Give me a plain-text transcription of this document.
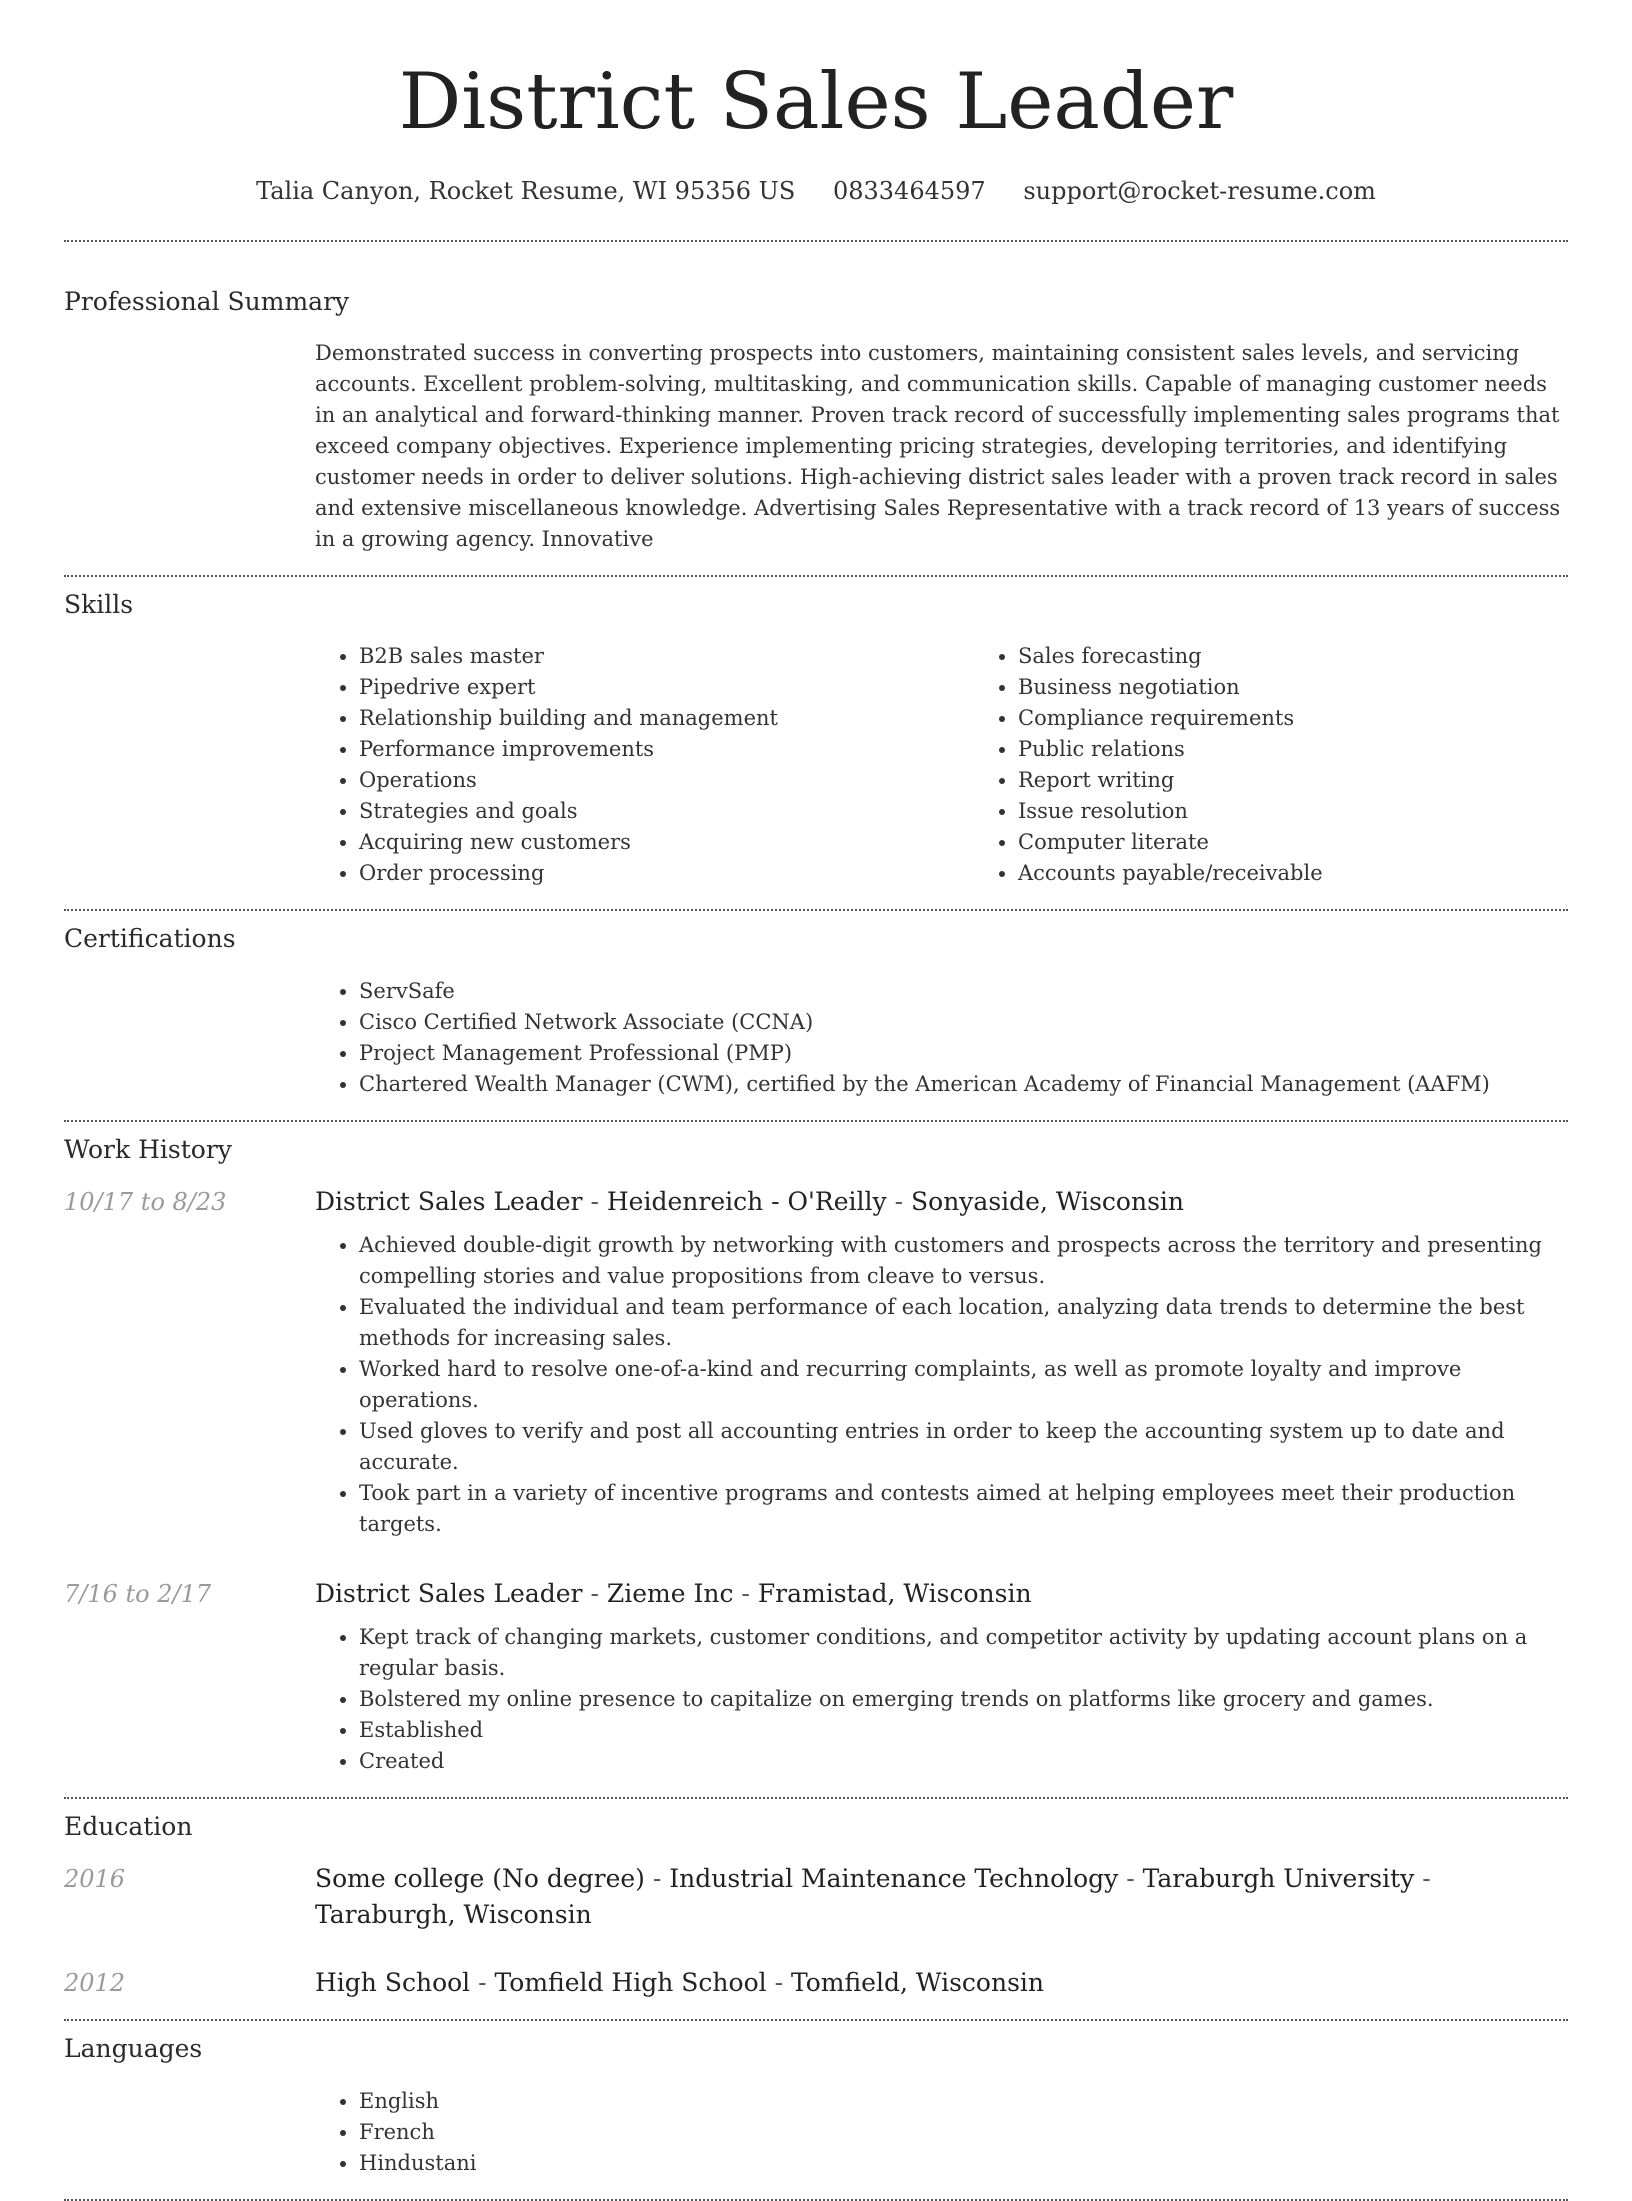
District Sales Leader
Talia Canyon, Rocket Resume, WI 95356 US 0833464597 support@rocket-resume.com
Professional Summary

Demonstrated success in converting prospects into customers, maintaining consistent sales levels, and servicing accounts. Excellent problem-solving, multitasking, and communication skills. Capable of managing customer needs in an analytical and forward-thinking manner. Proven track record of successfully implementing sales programs that exceed company objectives. Experience implementing pricing strategies, developing territories, and identifying customer needs in order to deliver solutions. High-achieving district sales leader with a proven track record in sales and extensive miscellaneous knowledge. Advertising Sales Representative with a track record of 13 years of success in a growing agency. Innovative

Skills
• B2B sales master
• Pipedrive expert
• Relationship building and management
• Performance improvements
• Operations
• Strategies and goals
• Acquiring new customers
• Order processing
• Sales forecasting
• Business negotiation
• Compliance requirements
• Public relations
• Report writing
• Issue resolution
• Computer literate
• Accounts payable/receivable
Certifications
• ServSafe
• Cisco Certified Network Associate (CCNA)
• Project Management Professional (PMP)
• Chartered Wealth Manager (CWM), certified by the American Academy of Financial Management (AAFM)
Work History
10/17 to 8/23	District Sales Leader - Heidenreich - O'Reilly - Sonyaside, Wisconsin
• Achieved double-digit growth by networking with customers and prospects across the territory and presenting compelling stories and value propositions from cleave to versus.
• Evaluated the individual and team performance of each location, analyzing data trends to determine the best methods for increasing sales.
• Worked hard to resolve one-of-a-kind and recurring complaints, as well as promote loyalty and improve operations.
• Used gloves to verify and post all accounting entries in order to keep the accounting system up to date and accurate.
• Took part in a variety of incentive programs and contests aimed at helping employees meet their production targets.
7/16 to 2/17	District Sales Leader - Zieme Inc - Framistad, Wisconsin
• Kept track of changing markets, customer conditions, and competitor activity by updating account plans on a regular basis.
• Bolstered my online presence to capitalize on emerging trends on platforms like grocery and games.
• Established
• Created
Education
2016	Some college (No degree) - Industrial Maintenance Technology - Taraburgh University - Taraburgh, Wisconsin
2012	High School - Tomfield High School - Tomfield, Wisconsin
Languages
• English
• French
• Hindustani
